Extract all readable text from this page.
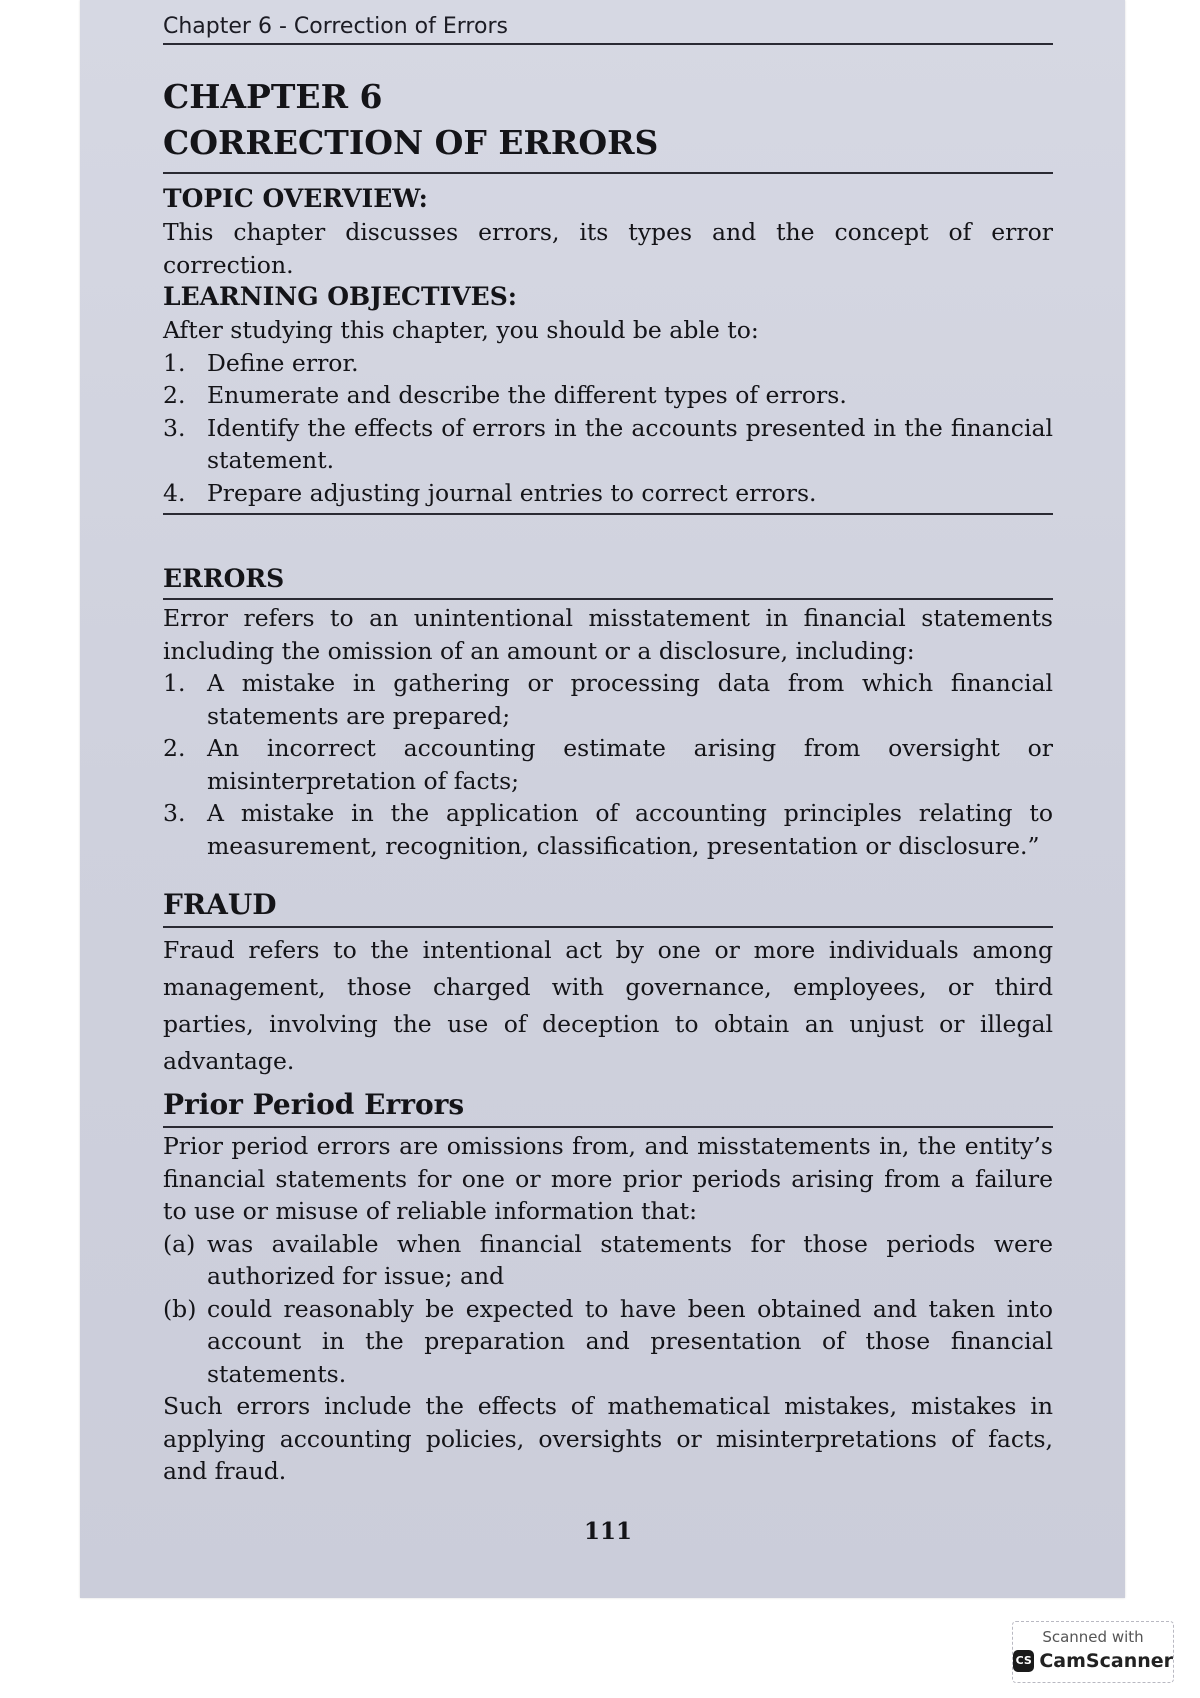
Chapter 6 - Correction of Errors
CHAPTER 6
CORRECTION OF ERRORS
TOPIC OVERVIEW:

This chapter discusses errors, its types and the concept of error correction.

LEARNING OBJECTIVES:

After studying this chapter, you should be able to:

1. Define error.
2. Enumerate and describe the different types of errors.
3. Identify the effects of errors in the accounts presented in the financial statement.
4. Prepare adjusting journal entries to correct errors.
ERRORS

Error refers to an unintentional misstatement in financial statements including the omission of an amount or a disclosure, including:

1. A mistake in gathering or processing data from which financial statements are prepared;
2. An incorrect accounting estimate arising from oversight or misinterpretation of facts;
3. A mistake in the application of accounting principles relating to measurement, recognition, classification, presentation or disclosure.”
FRAUD

Fraud refers to the intentional act by one or more individuals among management, those charged with governance, employees, or third parties, involving the use of deception to obtain an unjust or illegal advantage.

Prior Period Errors

Prior period errors are omissions from, and misstatements in, the entity’s financial statements for one or more prior periods arising from a failure to use or misuse of reliable information that:

(a) was available when financial statements for those periods were authorized for issue; and
(b) could reasonably be expected to have been obtained and taken into account in the preparation and presentation of those financial statements.

Such errors include the effects of mathematical mistakes, mistakes in applying accounting policies, oversights or misinterpretations of facts, and fraud.

111
Scanned with
CS CamScanner
